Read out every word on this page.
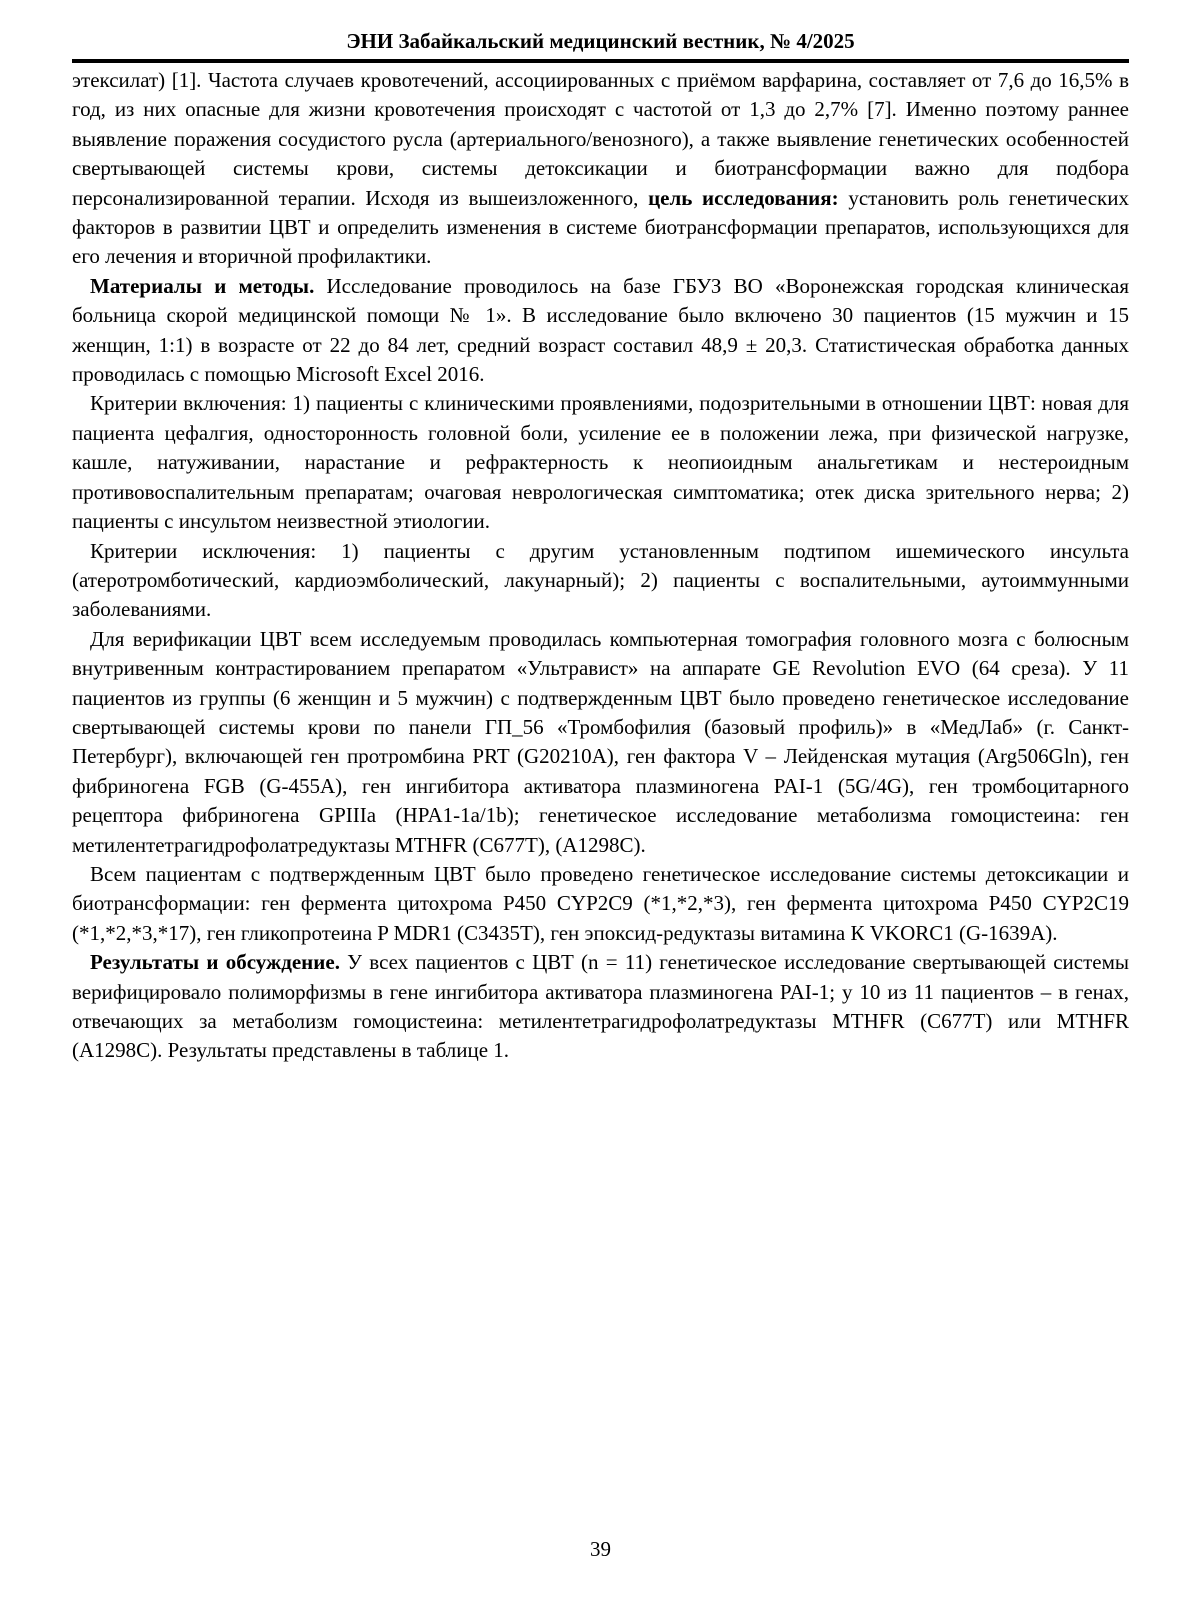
ЭНИ Забайкальский медицинский вестник, № 4/2025

этексилат) [1]. Частота случаев кровотечений, ассоциированных с приёмом варфарина, составляет от 7,6 до 16,5% в год, из них опасные для жизни кровотечения происходят с частотой от 1,3 до 2,7% [7]. Именно поэтому раннее выявление поражения сосудистого русла (артериального/венозного), а также выявление генетических особенностей свертывающей системы крови, системы детоксикации и биотрансформации важно для подбора персонализированной терапии. Исходя из вышеизложенного, цель исследования: установить роль генетических факторов в развитии ЦВТ и определить изменения в системе биотрансформации препаратов, использующихся для его лечения и вторичной профилактики.

Материалы и методы. Исследование проводилось на базе ГБУЗ ВО «Воронежская городская клиническая больница скорой медицинской помощи № 1». В исследование было включено 30 пациентов (15 мужчин и 15 женщин, 1:1) в возрасте от 22 до 84 лет, средний возраст составил 48,9 ± 20,3. Статистическая обработка данных проводилась с помощью Microsoft Excel 2016.

Критерии включения: 1) пациенты с клиническими проявлениями, подозрительными в отношении ЦВТ: новая для пациента цефалгия, односторонность головной боли, усиление ее в положении лежа, при физической нагрузке, кашле, натуживании, нарастание и рефрактерность к неопиоидным анальгетикам и нестероидным противовоспалительным препаратам; очаговая неврологическая симптоматика; отек диска зрительного нерва; 2) пациенты с инсультом неизвестной этиологии.

Критерии исключения: 1) пациенты с другим установленным подтипом ишемического инсульта (атеротромботический, кардиоэмболический, лакунарный); 2) пациенты с воспалительными, аутоиммунными заболеваниями.

Для верификации ЦВТ всем исследуемым проводилась компьютерная томография головного мозга с болюсным внутривенным контрастированием препаратом «Ультравист» на аппарате GE Revolution EVO (64 среза). У 11 пациентов из группы (6 женщин и 5 мужчин) с подтвержденным ЦВТ было проведено генетическое исследование свертывающей системы крови по панели ГП_56 «Тромбофилия (базовый профиль)» в «МедЛаб» (г. Санкт-Петербург), включающей ген протромбина PRT (G20210A), ген фактора V – Лейденская мутация (Arg506Gln), ген фибриногена FGB (G-455A), ген ингибитора активатора плазминогена PAI-1 (5G/4G), ген тромбоцитарного рецептора фибриногена GPIIIa (HPA1-1a/1b); генетическое исследование метаболизма гомоцистеина: ген метилентетрагидрофолатредуктазы MTHFR (C677T), (A1298C).

Всем пациентам с подтвержденным ЦВТ было проведено генетическое исследование системы детоксикации и биотрансформации: ген фермента цитохрома P450 CYP2C9 (*1,*2,*3), ген фермента цитохрома P450 CYP2C19 (*1,*2,*3,*17), ген гликопротеина P MDR1 (C3435T), ген эпоксид-редуктазы витамина К VKORC1 (G-1639A).

Результаты и обсуждение. У всех пациентов с ЦВТ (n = 11) генетическое исследование свертывающей системы верифицировало полиморфизмы в гене ингибитора активатора плазминогена PAI-1; у 10 из 11 пациентов – в генах, отвечающих за метаболизм гомоцистеина: метилентетрагидрофолатредуктазы MTHFR (C677T) или MTHFR (A1298C). Результаты представлены в таблице 1.

39
